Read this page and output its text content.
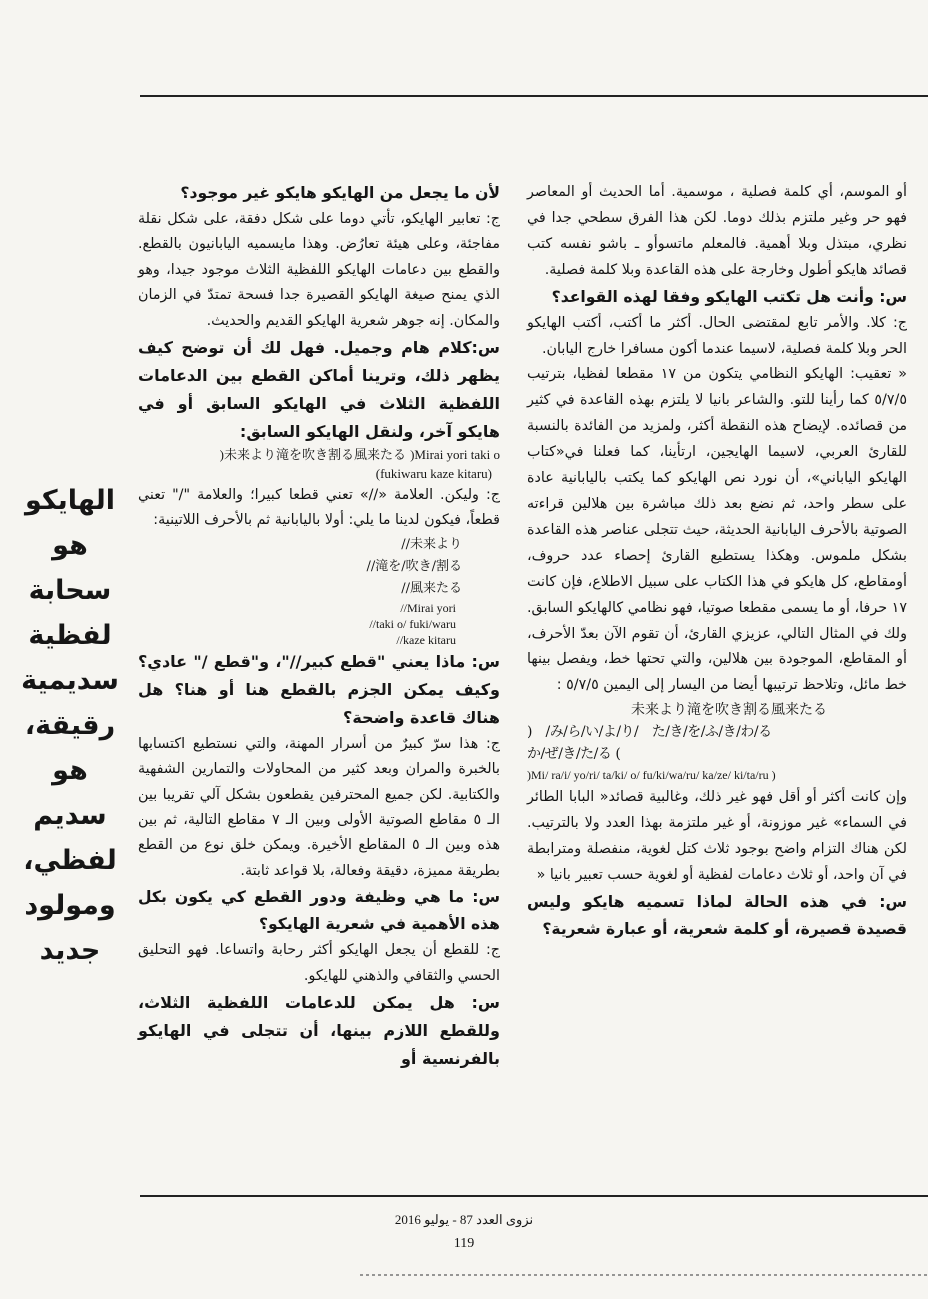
أو الموسم، أي كلمة فصلية ، موسمية. أما الحديث أو المعاصر فهو حر وغير ملتزم بذلك دوما. لكن هذا الفرق سطحي جدا في نظري، مبتذل وبلا أهمية. فالمعلم ماتسوأو ـ باشو نفسه كتب قصائد هايكو أطول وخارجة على هذه القاعدة وبلا كلمة فصلية.

س: وأنت هل تكتب الهايكو وفقا لهذه القواعد؟

ج: كلا. والأمر تابع لمقتضى الحال. أكثر ما أكتب، أكتب الهايكو الحر وبلا كلمة فصلية، لاسيما عندما أكون مسافرا خارج اليابان.

« تعقيب: الهايكو النظامي يتكون من ١٧ مقطعا لفظيا، بترتيب ٥/٧/٥ كما رأينا للتو. والشاعر بانيا لا يلتزم بهذه القاعدة في كثير من قصائده. لإيضاح هذه النقطة أكثر، ولمزيد من الفائدة بالنسبة للقارئ العربي، لاسيما الهايجين، ارتأينا، كما فعلنا في«كتاب الهايكو الياباني»، أن نورد نص الهايكو كما يكتب باليابانية عادة على سطر واحد، ثم نضع بعد ذلك مباشرة بين هلالين قراءته الصوتية بالأحرف اليابانية الحديثة، حيث تتجلى عناصر هذه القاعدة بشكل ملموس. وهكذا يستطيع القارئ إحصاء عدد حروف، أومقاطع، كل هايكو في هذا الكتاب على سبيل الاطلاع، فإن كانت ١٧ حرفا، أو ما يسمى مقطعا صوتيا، فهو نظامي كالهايكو السابق. ولك في المثال التالي، عزيزي القارئ، أن تقوم الآن بعدّ الأحرف، أو المقاطع، الموجودة بين هلالين، والتي تحتها خط، ويفصل بينها خط مائل، وتلاحظ ترتيبها أيضا من اليسار إلى اليمين ٥/٧/٥ :

未来より滝を吹き割る風来たる
み/ら/い/よ/り/　た/き/を/ふ/き/わ/る/　(
) か/ぜ/き/た/る
)Mi/ ra/i/ yo/ri/ ta/ki/ o/ fu/ki/wa/ru/ ka/ze/ ki/ta/ru )

وإن كانت أكثر أو أقل فهو غير ذلك، وغالبية قصائد« البابا الطائر في السماء» غير موزونة، أو غير ملتزمة بهذا العدد ولا بالترتيب. لكن هناك التزام واضح بوجود ثلاث كتل لغوية، منفصلة ومترابطة في آن واحد، أو ثلاث دعامات لفظية أو لغوية حسب تعبير بانيا «

س: في هذه الحالة لماذا تسميه هايكو وليس قصيدة قصيرة، أو كلمة شعرية، أو عبارة شعرية؟

لأن ما يجعل من الهايكو هايكو غير موجود؟

ج: تعابير الهايكو، تأتي دوما على شكل دفقة، على شكل نقلة مفاجئة، وعلى هيئة تعارُض. وهذا مايسميه اليابانيون بالقطع. والقطع بين دعامات الهايكو اللفظية الثلاث موجود جيدا، وهو الذي يمنح صيغة الهايكو القصيرة جدا فسحة تمتدّ في الزمان والمكان. إنه جوهر شعرية الهايكو القديم والحديث.

س:كلام هام وجميل. فهل لك أن توضح كيف يظهر ذلك، وترينا أماكن القطع بين الدعامات اللفظية الثلاث في الهايكو السابق أو في هايكو آخر، ولنقل الهايكو السابق:

未来より滝を吹き割る風来たる )Mirai yori taki o(
(fukiwaru kaze kitaru)

ج: وليكن. العلامة «//» تعني قطعا كبيرا؛ والعلامة "/" تعني قطعاً، فيكون لدينا ما يلي: أولا باليابانية ثم بالأحرف اللاتينية:

//未来より
//滝を/吹き/割る
//風来たる
//Mirai yori
//taki o/ fuki/waru
//kaze kitaru

س: ماذا يعني "قطع كبير//"، و"قطع /" عادي؟ وكيف يمكن الجزم بالقطع هنا أو هنا؟ هل هناك قاعدة واضحة؟

ج: هذا سرّ كبيرٌ من أسرار المهنة، والتي نستطيع اكتسابها بالخبرة والمران وبعد كثير من المحاولات والتمارين الشفهية والكتابية. لكن جميع المحترفين يقطعون بشكل آلي تقريبا بين الـ ٥ مقاطع الصوتية الأولى وبين الـ ٧ مقاطع التالية، ثم بين هذه وبين الـ ٥ المقاطع الأخيرة. ويمكن خلق نوع من القطع بطريقة مميزة، دقيقة وفعالة، بلا قواعد ثابتة.

س: ما هي وظيفة ودور القطع كي يكون بكل هذه الأهمية في شعرية الهايكو؟

ج: للقطع أن يجعل الهايكو أكثر رحابة واتساعا. فهو التحليق الحسي والثقافي والذهني للهايكو.

س: هل يمكن للدعامات اللفظية الثلاث، وللقطع اللازم بينها، أن تتجلى في الهايكو بالفرنسية أو

الهايكو هو سحابة لفظية سديمية رقيقة، هو سديم لفظي، ومولود جديد
نزوى العدد 87 - يوليو 2016
119
